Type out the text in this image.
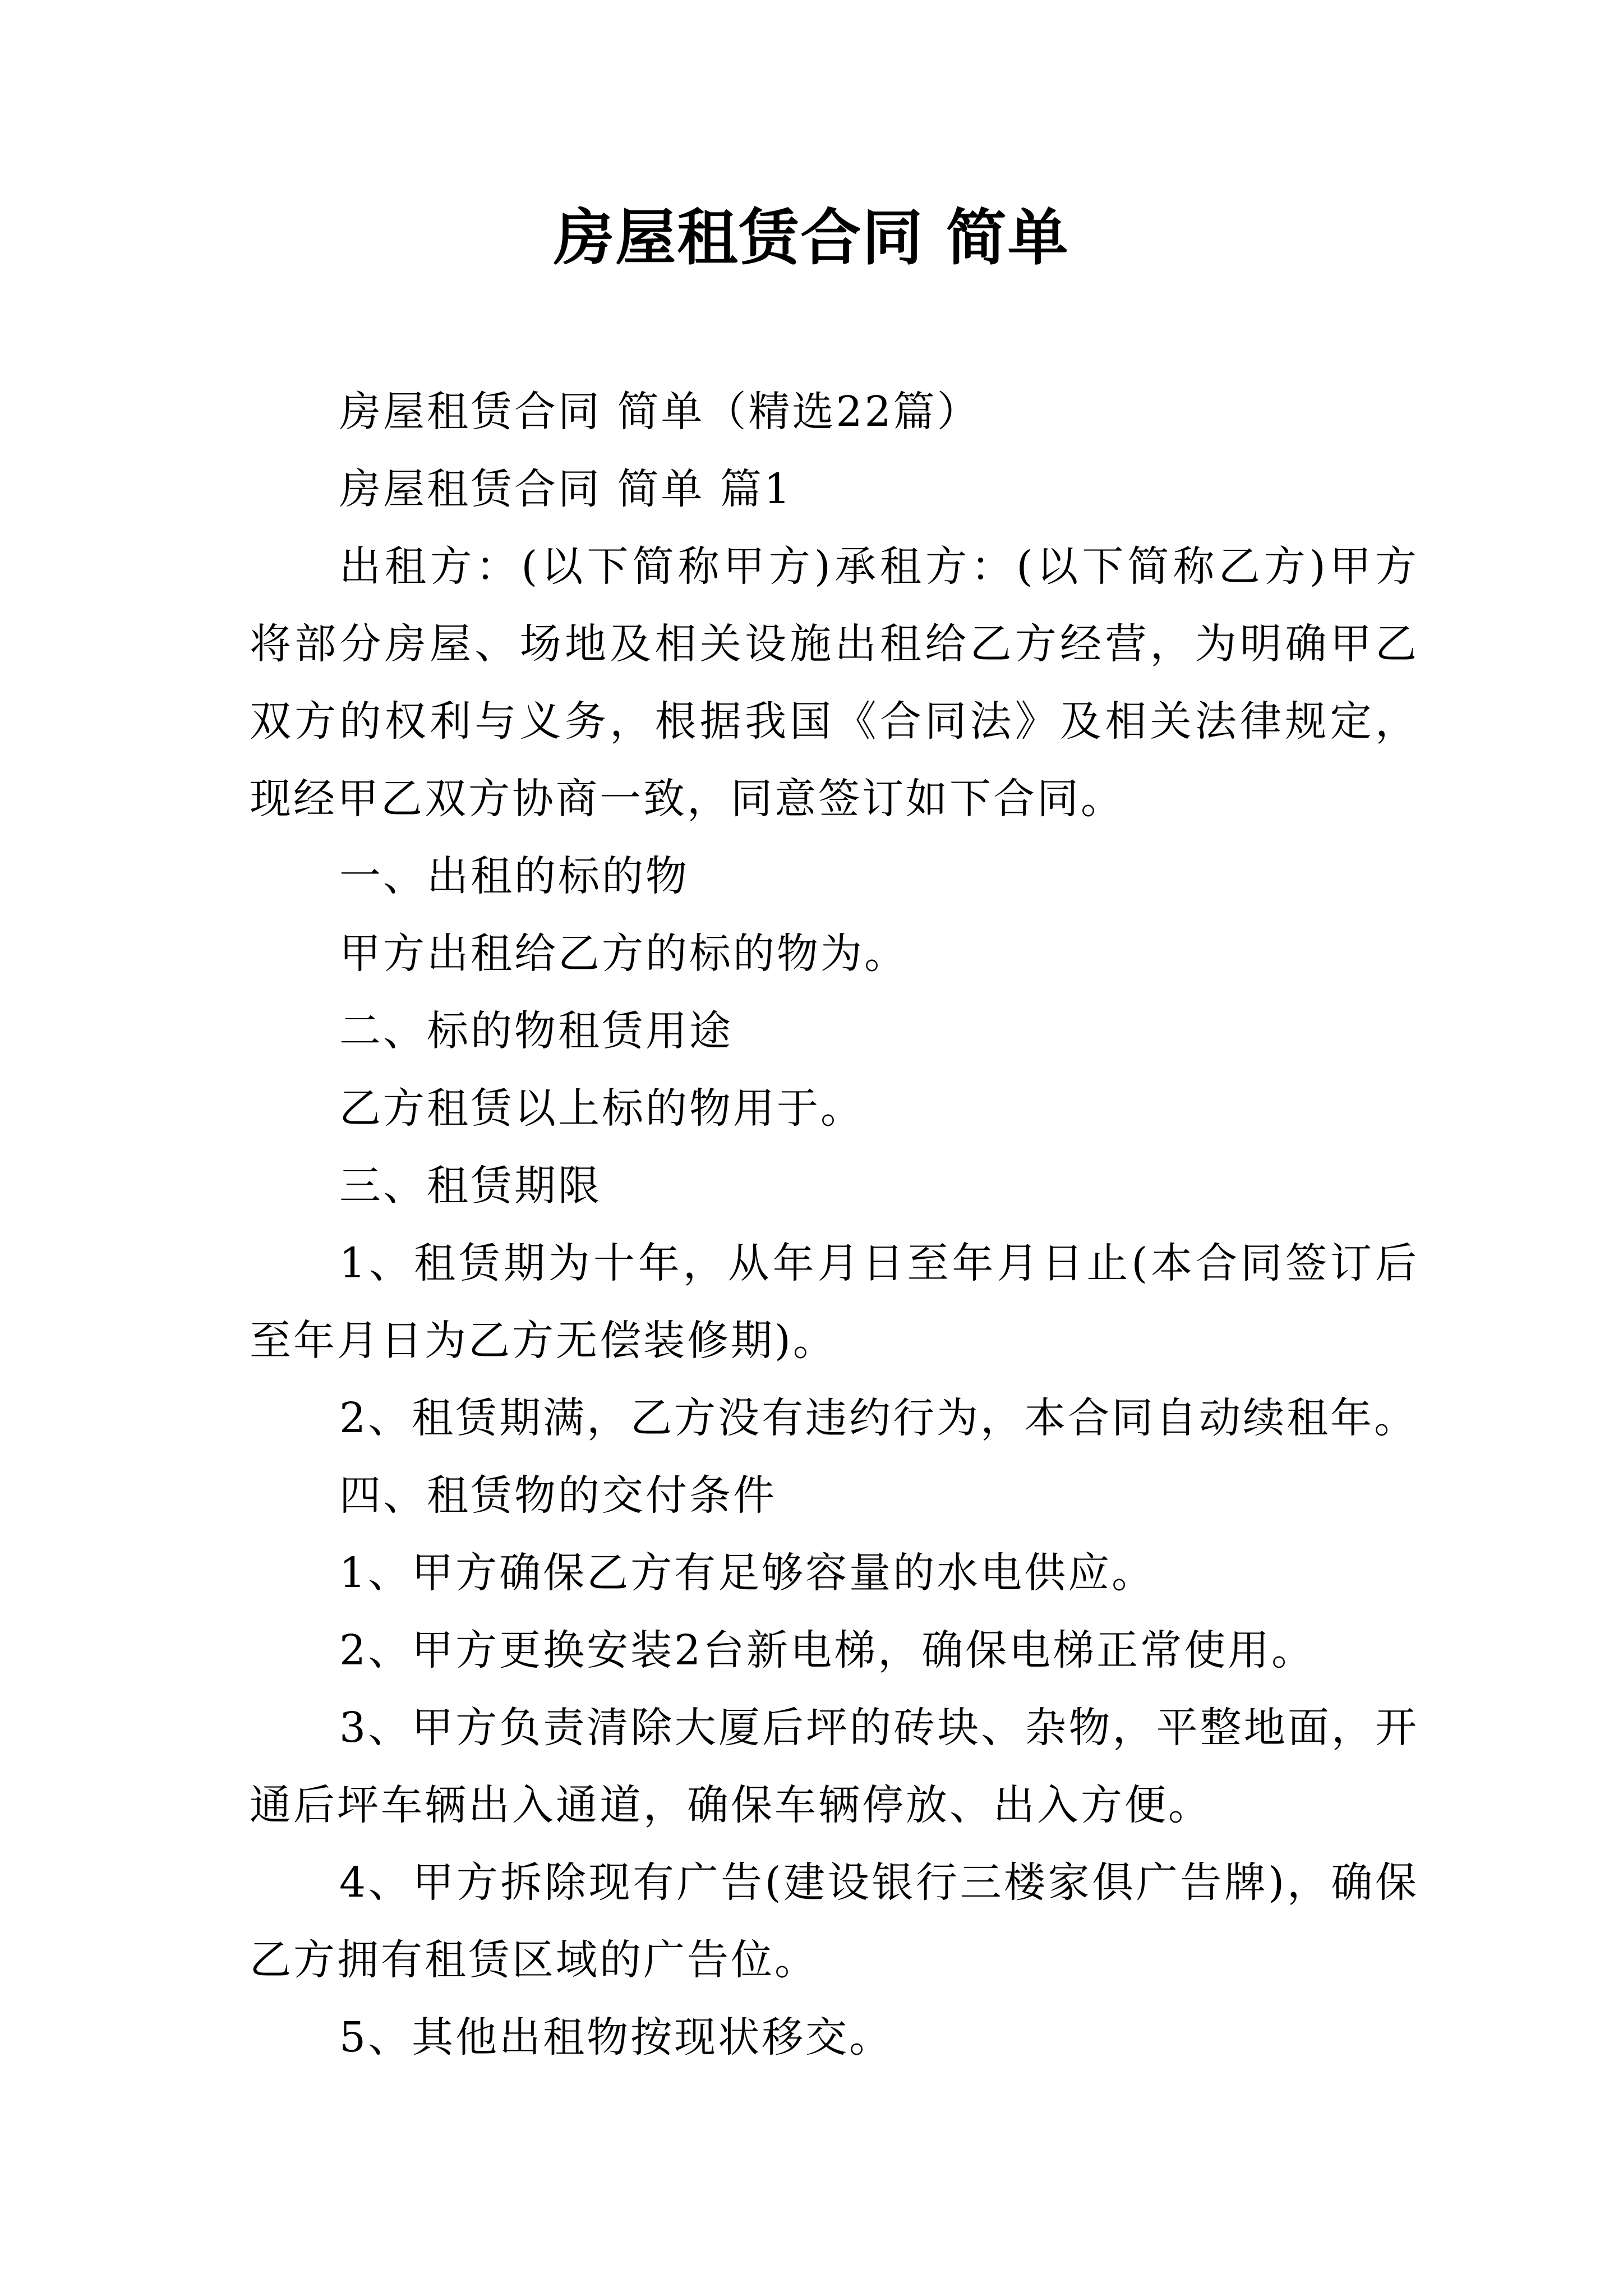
房屋租赁合同 简单

房屋租赁合同 简单（精选22篇）

房屋租赁合同 简单 篇1

出租方：(以下简称甲方)承租方：(以下简称乙方)甲方将部分房屋、场地及相关设施出租给乙方经营，为明确甲乙双方的权利与义务，根据我国《合同法》及相关法律规定，现经甲乙双方协商一致，同意签订如下合同。

一、出租的标的物

甲方出租给乙方的标的物为。

二、标的物租赁用途

乙方租赁以上标的物用于。

三、租赁期限

1、租赁期为十年，从年月日至年月日止(本合同签订后至年月日为乙方无偿装修期)。

2、租赁期满，乙方没有违约行为，本合同自动续租年。

四、租赁物的交付条件

1、甲方确保乙方有足够容量的水电供应。

2、甲方更换安装2台新电梯，确保电梯正常使用。

3、甲方负责清除大厦后坪的砖块、杂物，平整地面，开通后坪车辆出入通道，确保车辆停放、出入方便。

4、甲方拆除现有广告(建设银行三楼家俱广告牌)，确保乙方拥有租赁区域的广告位。

5、其他出租物按现状移交。
